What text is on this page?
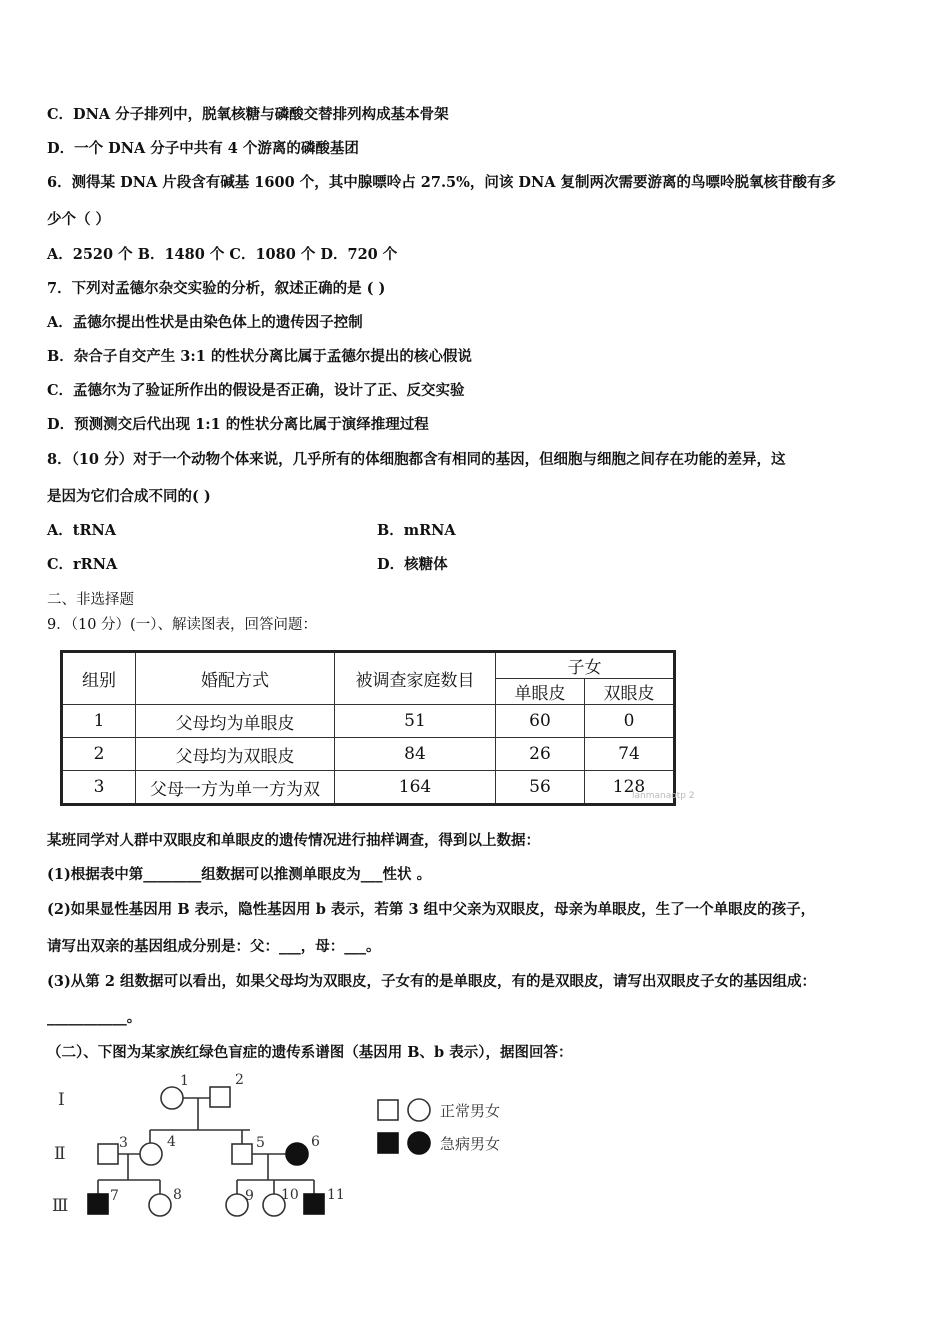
C．DNA 分子排列中，脱氧核糖与磷酸交替排列构成基本骨架
D．一个 DNA 分子中共有 4 个游离的磷酸基团
6．测得某 DNA 片段含有碱基 1600 个，其中腺嘌呤占 27.5%，问该 DNA 复制两次需要游离的鸟嘌呤脱氧核苷酸有多
少个（ ）
A．2520 个 B．1480 个 C．1080 个 D．720 个
7．下列对孟德尔杂交实验的分析，叙述正确的是 ( )
A．孟德尔提出性状是由染色体上的遗传因子控制
B．杂合子自交产生 3:1 的性状分离比属于孟德尔提出的核心假说
C．孟德尔为了验证所作出的假设是否正确，设计了正、反交实验
D．预测测交后代出现 1:1 的性状分离比属于演绎推理过程
8．（10 分）对于一个动物个体来说，几乎所有的体细胞都含有相同的基因，但细胞与细胞之间存在功能的差异，这
是因为它们合成不同的( )
A．tRNA	B．mRNA
C．rRNA	D．核糖体
二、非选择题
9．（10 分）(一）、解读图表，回答问题：
组别	婚配方式	被调查家庭数目	子女	
			单眼皮	双眼皮
1	父母均为单眼皮	51	60	0
2	父母均为双眼皮	84	26	74
3	父母一方为单一方为双	164	56	128
lanmanaotp 2
某班同学对人群中双眼皮和单眼皮的遗传情况进行抽样调查，得到以上数据：
(1)根据表中第________组数据可以推测单眼皮为___性状 。
(2)如果显性基因用 B 表示，隐性基因用 b 表示，若第 3 组中父亲为双眼皮，母亲为单眼皮，生了一个单眼皮的孩子，
请写出双亲的基因组成分别是：父：___，母：___。
(3)从第 2 组数据可以看出，如果父母均为双眼皮，子女有的是单眼皮，有的是双眼皮，请写出双眼皮子女的基因组成：
___________。
（二）、下图为某家族红绿色盲症的遗传系谱图（基因用 B、b 表示），据图回答：
Ⅰ
Ⅱ
Ⅲ
1	2
3	4	5	6
7	8	9 10 11
正常男女
急病男女
